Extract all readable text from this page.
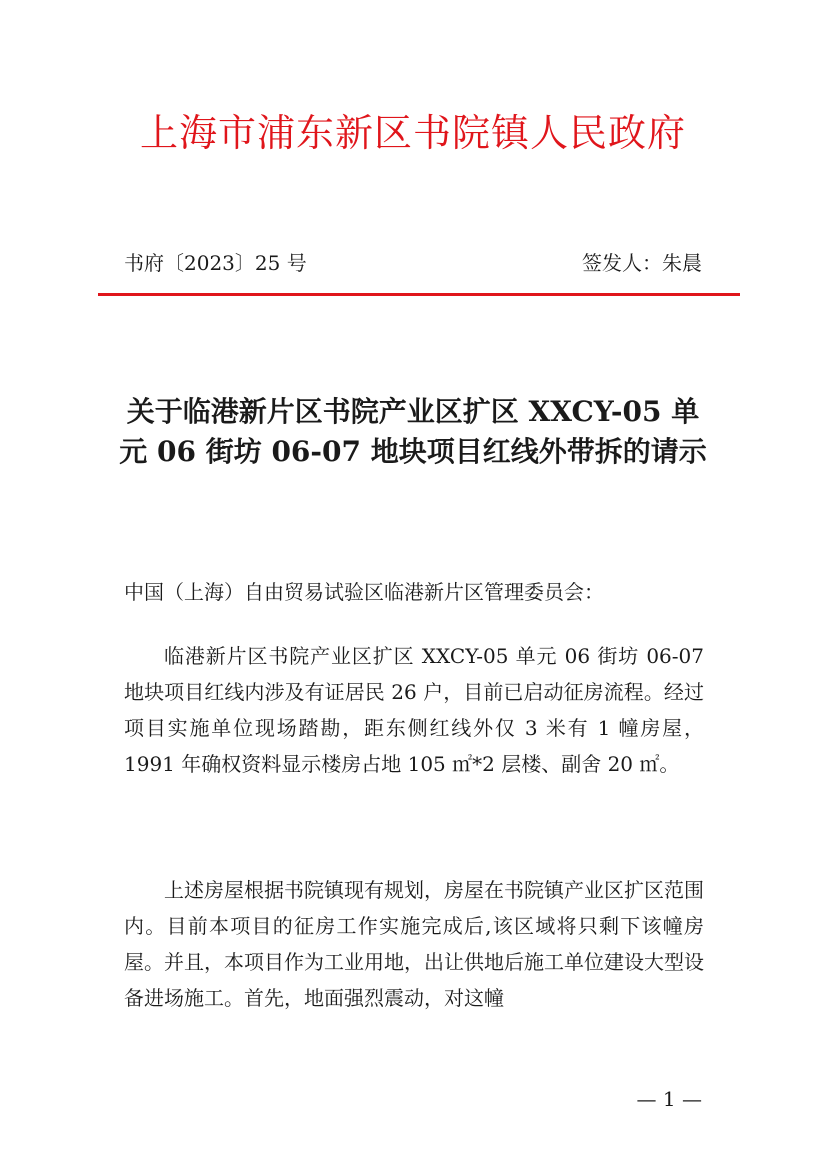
上海市浦东新区书院镇人民政府
书府〔2023〕25 号	签发人：朱晨
关于临港新片区书院产业区扩区 XXCY-05 单元 06 街坊 06-07 地块项目红线外带拆的请示
中国（上海）自由贸易试验区临港新片区管理委员会：
临港新片区书院产业区扩区 XXCY-05 单元 06 街坊 06-07 地块项目红线内涉及有证居民 26 户，目前已启动征房流程。经过项目实施单位现场踏勘，距东侧红线外仅 3 米有 1 幢房屋，1991 年确权资料显示楼房占地 105 ㎡*2 层楼、副舍 20 ㎡。
上述房屋根据书院镇现有规划，房屋在书院镇产业区扩区范围内。目前本项目的征房工作实施完成后,该区域将只剩下该幢房屋。并且，本项目作为工业用地，出让供地后施工单位建设大型设备进场施工。首先，地面强烈震动，对这幢
— 1 —
